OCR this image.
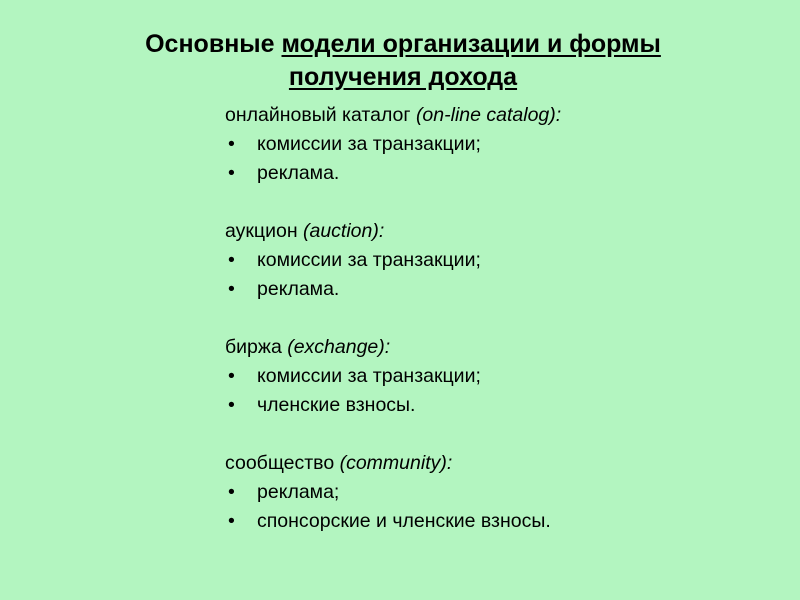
Основные модели организации и формы
получения дохода
онлайновый каталог (on-line catalog):
•	комиссии за транзакции;
•	реклама.
аукцион (auction):
•	комиссии за транзакции;
•	реклама.
биржа (exchange):
•	комиссии за транзакции;
•	членские взносы.
сообщество (community):
•	реклама;
•	спонсорские и членские взносы.
